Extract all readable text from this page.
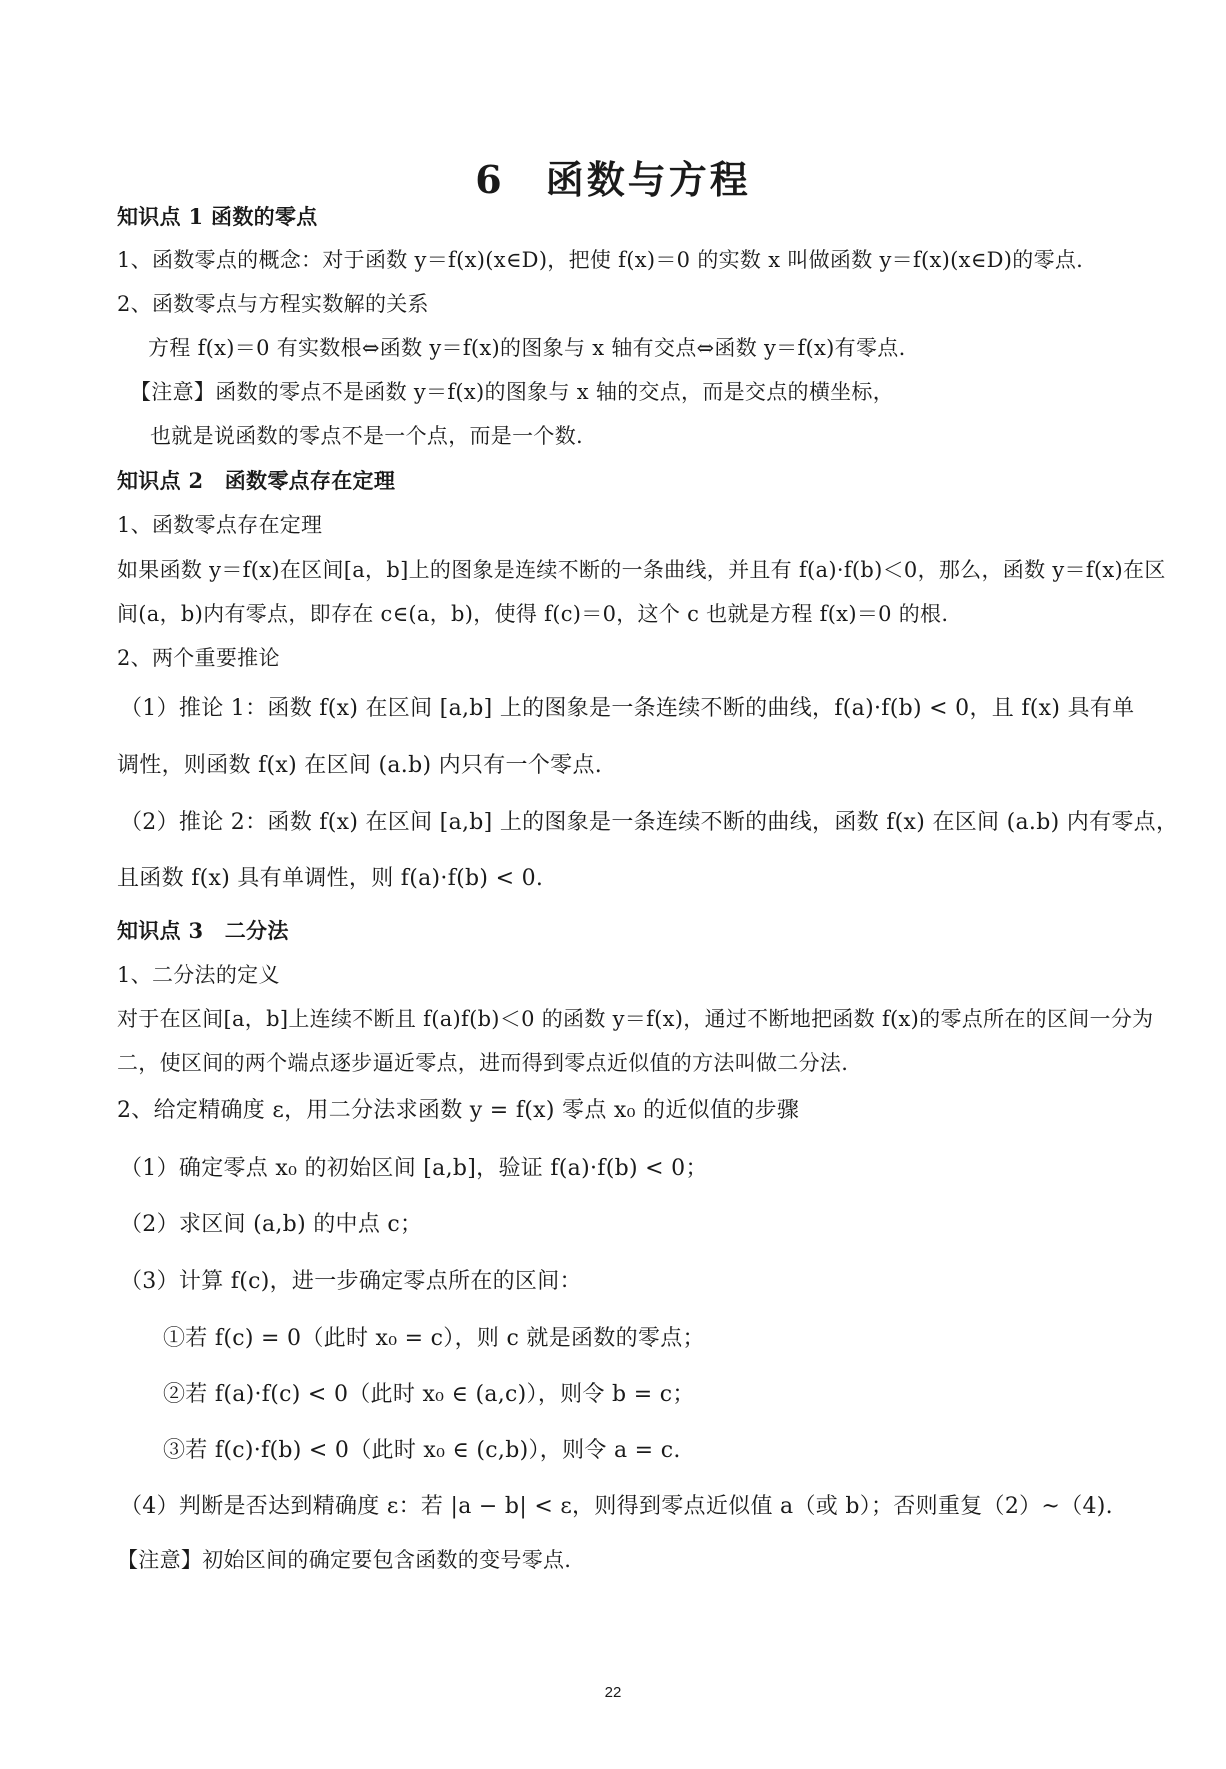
6　函数与方程
知识点 1 函数的零点
1、函数零点的概念：对于函数 y＝f(x)(x∈D)，把使 f(x)＝0 的实数 x 叫做函数 y＝f(x)(x∈D)的零点.
2、函数零点与方程实数解的关系
方程 f(x)＝0 有实数根⇔函数 y＝f(x)的图象与 x 轴有交点⇔函数 y＝f(x)有零点.
【注意】函数的零点不是函数 y＝f(x)的图象与 x 轴的交点，而是交点的横坐标，
也就是说函数的零点不是一个点，而是一个数.
知识点 2　函数零点存在定理
1、函数零点存在定理
如果函数 y＝f(x)在区间[a，b]上的图象是连续不断的一条曲线，并且有 f(a)·f(b)＜0，那么，函数 y＝f(x)在区
间(a，b)内有零点，即存在 c∈(a，b)，使得 f(c)＝0，这个 c 也就是方程 f(x)＝0 的根.
2、两个重要推论
（1）推论 1：函数 f(x) 在区间 [a,b] 上的图象是一条连续不断的曲线，f(a)·f(b) < 0，且 f(x) 具有单
调性，则函数 f(x) 在区间 (a.b) 内只有一个零点.
（2）推论 2：函数 f(x) 在区间 [a,b] 上的图象是一条连续不断的曲线，函数 f(x) 在区间 (a.b) 内有零点，
且函数 f(x) 具有单调性，则 f(a)·f(b) < 0.
知识点 3　二分法
1、二分法的定义
对于在区间[a，b]上连续不断且 f(a)f(b)＜0 的函数 y＝f(x)，通过不断地把函数 f(x)的零点所在的区间一分为
二，使区间的两个端点逐步逼近零点，进而得到零点近似值的方法叫做二分法.
2、给定精确度 ε，用二分法求函数 y = f(x) 零点 x₀ 的近似值的步骤
（1）确定零点 x₀ 的初始区间 [a,b]，验证 f(a)·f(b) < 0；
（2）求区间 (a,b) 的中点 c；
（3）计算 f(c)，进一步确定零点所在的区间：
①若 f(c) = 0（此时 x₀ = c），则 c 就是函数的零点；
②若 f(a)·f(c) < 0（此时 x₀ ∈ (a,c)），则令 b = c；
③若 f(c)·f(b) < 0（此时 x₀ ∈ (c,b)），则令 a = c.
（4）判断是否达到精确度 ε：若 |a − b| < ε，则得到零点近似值 a（或 b）；否则重复（2）~（4).
【注意】初始区间的确定要包含函数的变号零点.
22
